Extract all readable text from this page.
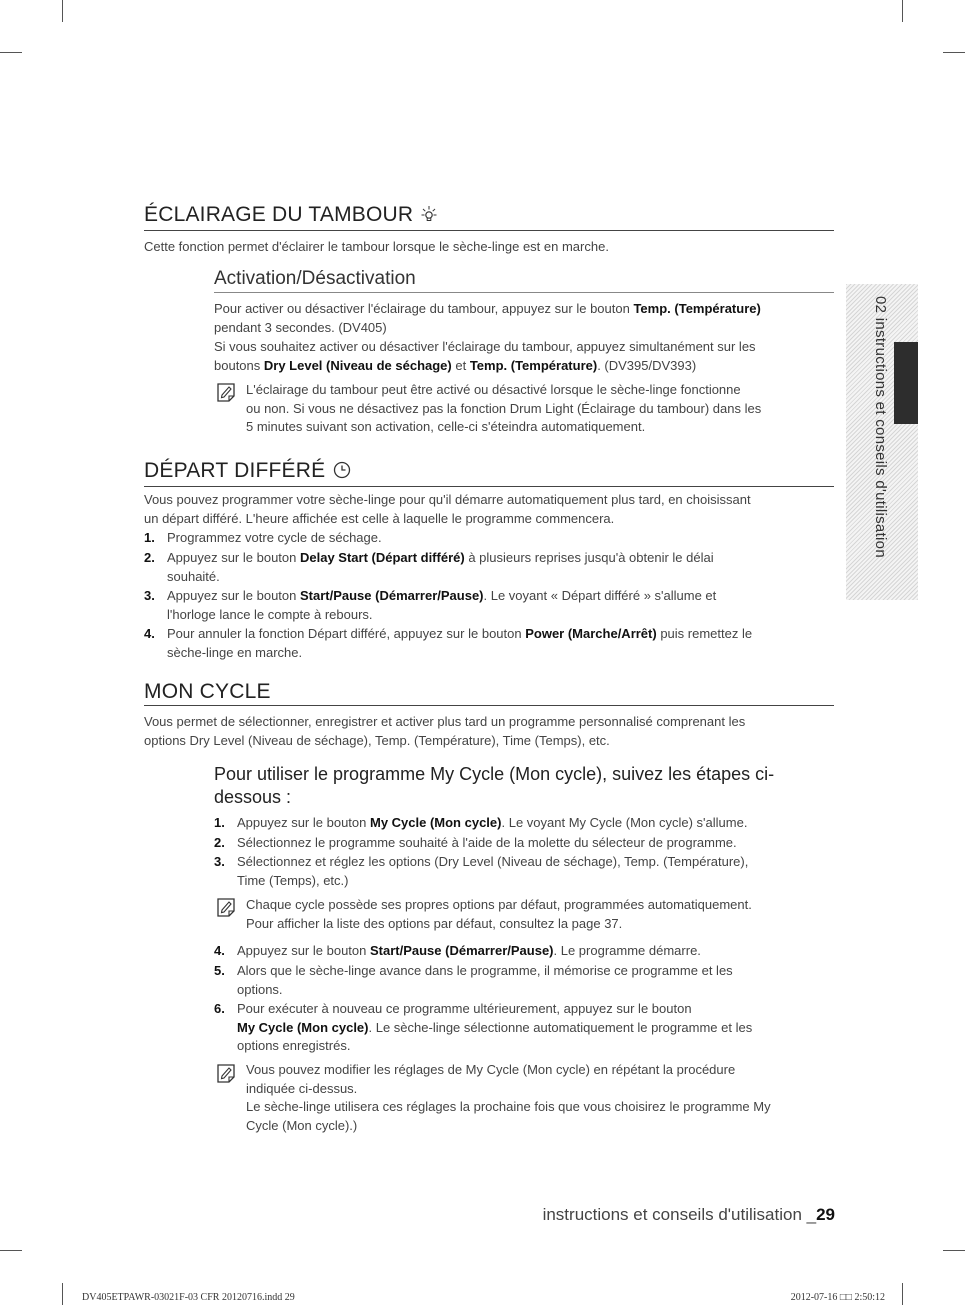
ÉCLAIRAGE DU TAMBOUR

Cette fonction permet d'éclairer le tambour lorsque le sèche-linge est en marche.

Activation/Désactivation

Pour activer ou désactiver l'éclairage du tambour, appuyez sur le bouton Temp. (Température)
pendant 3 secondes. (DV405)

Si vous souhaitez activer ou désactiver l'éclairage du tambour, appuyez simultanément sur les
boutons Dry Level (Niveau de séchage) et Temp. (Température). (DV395/DV393)

L'éclairage du tambour peut être activé ou désactivé lorsque le sèche-linge fonctionne
ou non. Si vous ne désactivez pas la fonction Drum Light (Éclairage du tambour) dans les
5 minutes suivant son activation, celle-ci s'éteindra automatiquement.

DÉPART DIFFÉRÉ

Vous pouvez programmer votre sèche-linge pour qu'il démarre automatiquement plus tard, en choisissant
un départ différé. L'heure affichée est celle à laquelle le programme commencera.

1. Programmez votre cycle de séchage.
2. Appuyez sur le bouton Delay Start (Départ différé) à plusieurs reprises jusqu'à obtenir le délai
souhaité.
3. Appuyez sur le bouton Start/Pause (Démarrer/Pause). Le voyant « Départ différé » s'allume et
l'horloge lance le compte à rebours.
4. Pour annuler la fonction Départ différé, appuyez sur le bouton Power (Marche/Arrêt) puis remettez le
sèche-linge en marche.
MON CYCLE

Vous permet de sélectionner, enregistrer et activer plus tard un programme personnalisé comprenant les
options Dry Level (Niveau de séchage), Temp. (Température), Time (Temps), etc.

Pour utiliser le programme My Cycle (Mon cycle), suivez les étapes ci-
dessous :
1. Appuyez sur le bouton My Cycle (Mon cycle). Le voyant My Cycle (Mon cycle) s'allume.
2. Sélectionnez le programme souhaité à l'aide de la molette du sélecteur de programme.
3. Sélectionnez et réglez les options (Dry Level (Niveau de séchage), Temp. (Température),
Time (Temps), etc.)

Chaque cycle possède ses propres options par défaut, programmées automatiquement.
Pour afficher la liste des options par défaut, consultez la page 37.

4. Appuyez sur le bouton Start/Pause (Démarrer/Pause). Le programme démarre.
5. Alors que le sèche-linge avance dans le programme, il mémorise ce programme et les
options.
6. Pour exécuter à nouveau ce programme ultérieurement, appuyez sur le bouton
My Cycle (Mon cycle). Le sèche-linge sélectionne automatiquement le programme et les
options enregistrés.

Vous pouvez modifier les réglages de My Cycle (Mon cycle) en répétant la procédure
indiquée ci-dessus.
Le sèche-linge utilisera ces réglages la prochaine fois que vous choisirez le programme My
Cycle (Mon cycle).)

02 instructions et conseils d'utilisation
instructions et conseils d'utilisation _29
DV405ETPAWR-03021F-03 CFR 20120716.indd 29	2012-07-16 □□ 2:50:12
